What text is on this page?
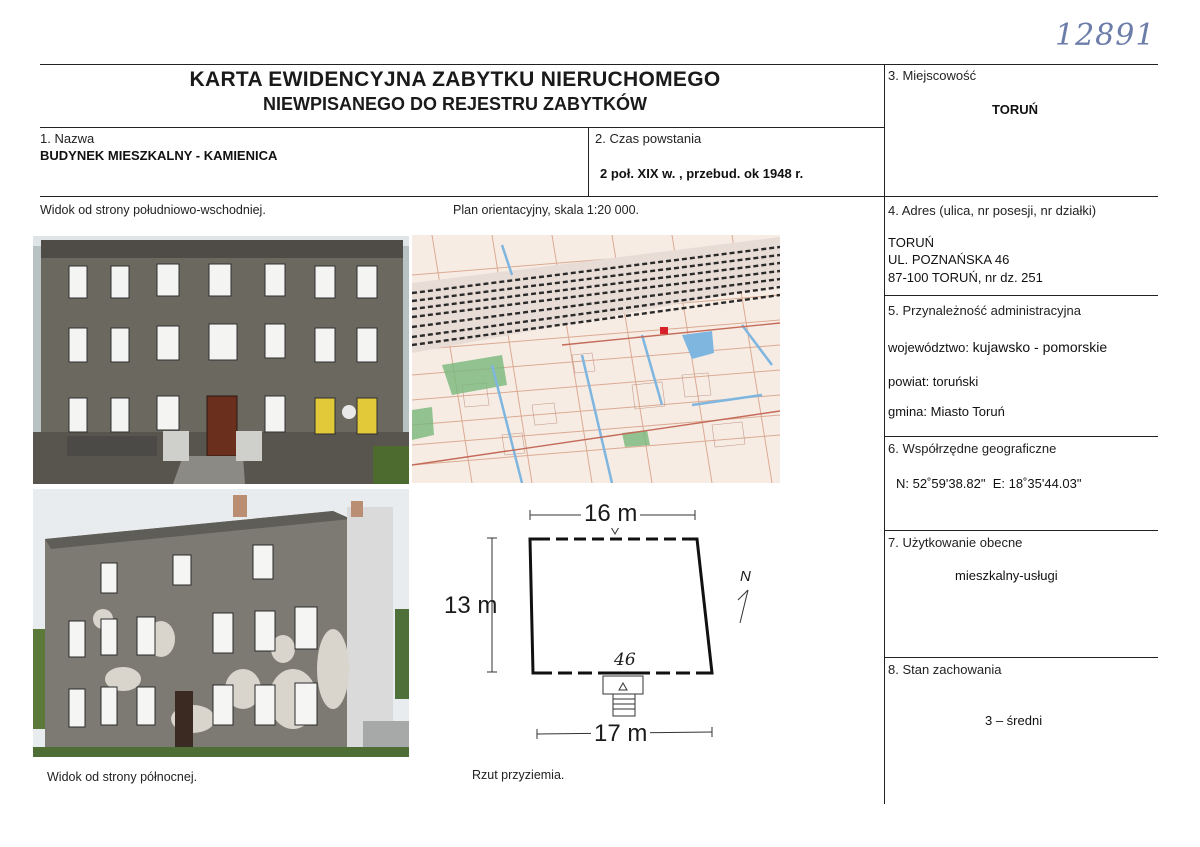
12891
KARTA EWIDENCYJNA ZABYTKU NIERUCHOMEGO
NIEWPISANEGO DO REJESTRU ZABYTKÓW
1. Nazwa
BUDYNEK MIESZKALNY - KAMIENICA
2. Czas powstania
2 poł. XIX w. , przebud. ok 1948 r.
3. Miejscowość
TORUŃ
4. Adres (ulica, nr posesji, nr działki)
TORUŃ
UL. POZNAŃSKA 46
87-100 TORUŃ, nr dz. 251
5. Przynależność administracyjna
województwo: kujawsko - pomorskie
powiat: toruński
gmina: Miasto Toruń
6. Współrzędne geograficzne
N: 52˚59'38.82"  E: 18˚35'44.03"
7. Użytkowanie obecne
mieszkalny-usługi
8. Stan zachowania
3 – średni
Widok od strony południowo-wschodniej.	Plan orientacyjny, skala 1:20 000.
Widok od strony północnej.	Rzut przyziemia.
16 m
13 m
17 m
46
N
